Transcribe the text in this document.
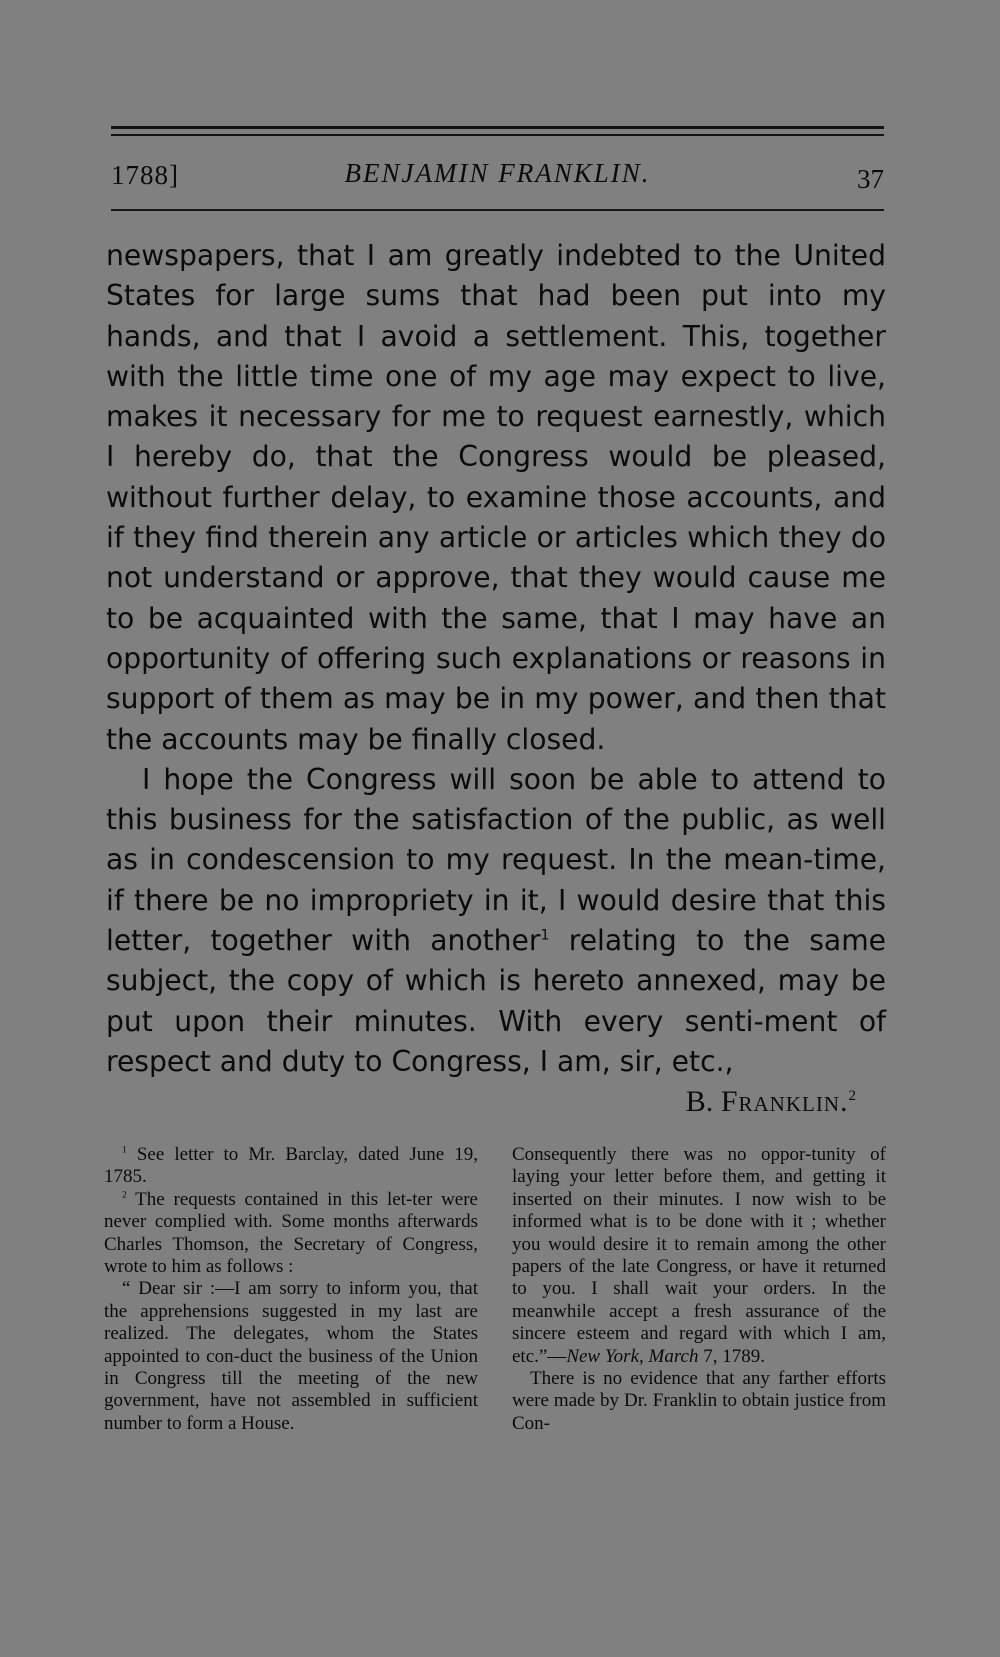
1788]	BENJAMIN FRANKLIN.	37

newspapers, that I am greatly indebted to the United States for large sums that had been put into my hands, and that I avoid a settlement. This, together with the little time one of my age may expect to live, makes it necessary for me to request earnestly, which I hereby do, that the Congress would be pleased, without further delay, to examine those accounts, and if they find therein any article or articles which they do not understand or approve, that they would cause me to be acquainted with the same, that I may have an opportunity of offering such explanations or reasons in support of them as may be in my power, and then that the accounts may be finally closed.

I hope the Congress will soon be able to attend to this business for the satisfaction of the public, as well as in condescension to my request. In the mean-time, if there be no impropriety in it, I would desire that this letter, together with another$^1$ relating to the same subject, the copy of which is hereto annexed, may be put upon their minutes. With every senti-ment of respect and duty to Congress, I am, sir, etc.,

B. Franklin.$^2$

$^1$ See letter to Mr. Barclay, dated June 19, 1785.

$^2$ The requests contained in this let-ter were never complied with. Some months afterwards Charles Thomson, the Secretary of Congress, wrote to him as follows :

“ Dear sir :—I am sorry to inform you, that the apprehensions suggested in my last are realized. The delegates, whom the States appointed to con-duct the business of the Union in Congress till the meeting of the new government, have not assembled in sufficient number to form a House.

Consequently there was no oppor-tunity of laying your letter before them, and getting it inserted on their minutes. I now wish to be informed what is to be done with it ; whether you would desire it to remain among the other papers of the late Congress, or have it returned to you. I shall wait your orders. In the meanwhile accept a fresh assurance of the sincere esteem and regard with which I am, etc.”—New York, March 7, 1789.

There is no evidence that any farther efforts were made by Dr. Franklin to obtain justice from Con-
